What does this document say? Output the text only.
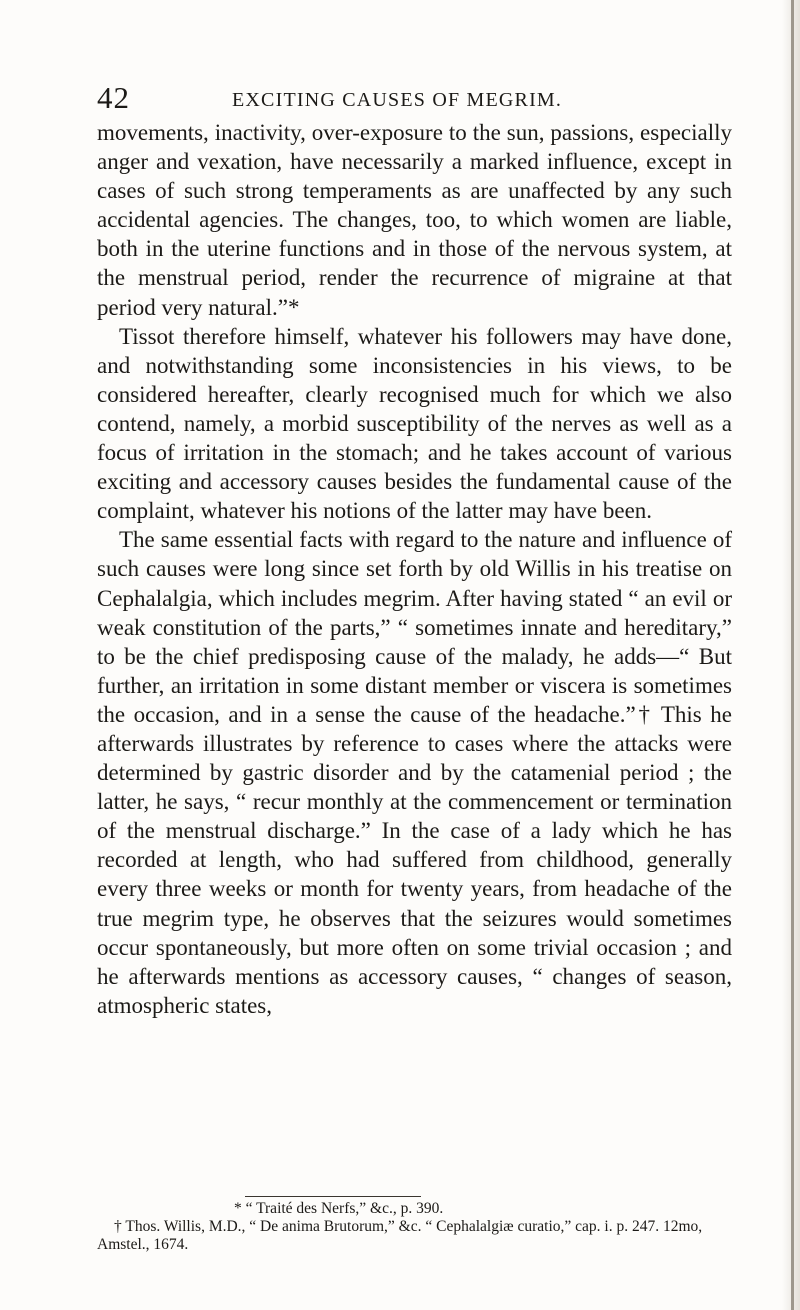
42	EXCITING CAUSES OF MEGRIM.

movements, inactivity, over-exposure to the sun, passions, especially anger and vexation, have necessarily a marked influence, except in cases of such strong temperaments as are unaffected by any such accidental agencies. The changes, too, to which women are liable, both in the uterine functions and in those of the nervous system, at the menstrual period, render the recurrence of migraine at that period very natural.”*

Tissot therefore himself, whatever his followers may have done, and notwithstanding some inconsistencies in his views, to be considered hereafter, clearly recognised much for which we also contend, namely, a morbid susceptibility of the nerves as well as a focus of irritation in the stomach; and he takes account of various exciting and accessory causes besides the fundamental cause of the complaint, whatever his notions of the latter may have been.

The same essential facts with regard to the nature and influence of such causes were long since set forth by old Willis in his treatise on Cephalalgia, which includes megrim. After having stated “ an evil or weak constitution of the parts,” “ sometimes innate and hereditary,” to be the chief predisposing cause of the malady, he adds—“ But further, an irritation in some distant member or viscera is sometimes the occasion, and in a sense the cause of the headache.”† This he afterwards illustrates by reference to cases where the attacks were determined by gastric disorder and by the catamenial period ; the latter, he says, “ recur monthly at the commencement or termination of the menstrual discharge.” In the case of a lady which he has recorded at length, who had suffered from childhood, generally every three weeks or month for twenty years, from headache of the true megrim type, he observes that the seizures would sometimes occur spontaneously, but more often on some trivial occasion ; and he afterwards mentions as accessory causes, “ changes of season, atmospheric states,

* “ Traité des Nerfs,” &c., p. 390.

† Thos. Willis, M.D., “ De anima Brutorum,” &c. “ Cephalalgiæ curatio,” cap. i. p. 247. 12mo, Amstel., 1674.
